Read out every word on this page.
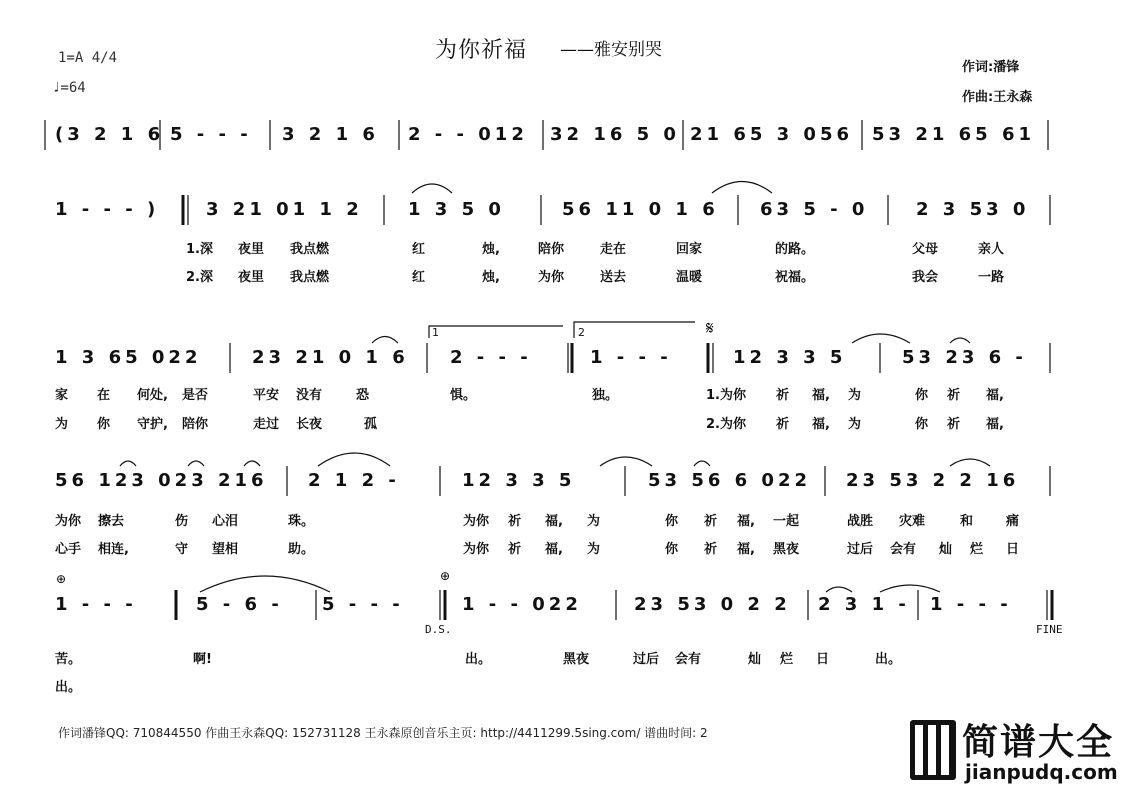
为你祈福 ——雅安别哭
1=A 4/4
♩=64
作词:潘锋
作曲:王永森
𝄋
⊕	⊕
1	2
D.S.	FINE
(3 2 1 6 5 - - - 3 2 1 6 2 - - 012 32 16 5 0 21 65 3 056 53 21 65 61
1 - - - )	3 21 01 1 2	1 3 5 0	56 11 0 1 6 63 5 - 0	2 3 53 0
1 3 65 022	23 21 0 1 6 2 - - -	1 - - -	12 3 3 5	53 23 6 -
56 123 023 216 2 1 2 -	12 3 3 5	53 56 6 022 23 53 2 2 16
1 - - -	5 - 6 - 5 - - -	1 - - 022	23 53 0 2 2 2 3 1 - 1 - - -
1.深 夜里 我点燃	红	烛,	陪你	走在	回家	的路。	父母	亲人
2.深 夜里 我点燃	红	烛,	为你	送去	温暖	祝福。	我会	一路
家 在 何处, 是否	平安 没有	恐	惧。	独。	1.为你 祈 福, 为	你 祈 福,
为 你 守护, 陪你	走过 长夜	孤	2.为你 祈 福, 为	你 祈 福,
为你 擦去	伤 心泪	珠。	为你 祈 福, 为	你 祈 福, 一起	战胜 灾难	和	痛
心手 相连,	守 望相	助。	为你 祈 福, 为	你 祈 福, 黑夜	过后 会有 灿 烂 日
苦。	啊!	出。	黑夜	过后 会有	灿 烂 日	出。
出。
作词潘锋QQ: 710844550 作曲王永森QQ: 152731128 王永森原创音乐主页: http://4411299.5sing.com/ 谱曲时间: 2	简谱大全
jianpudq.com
